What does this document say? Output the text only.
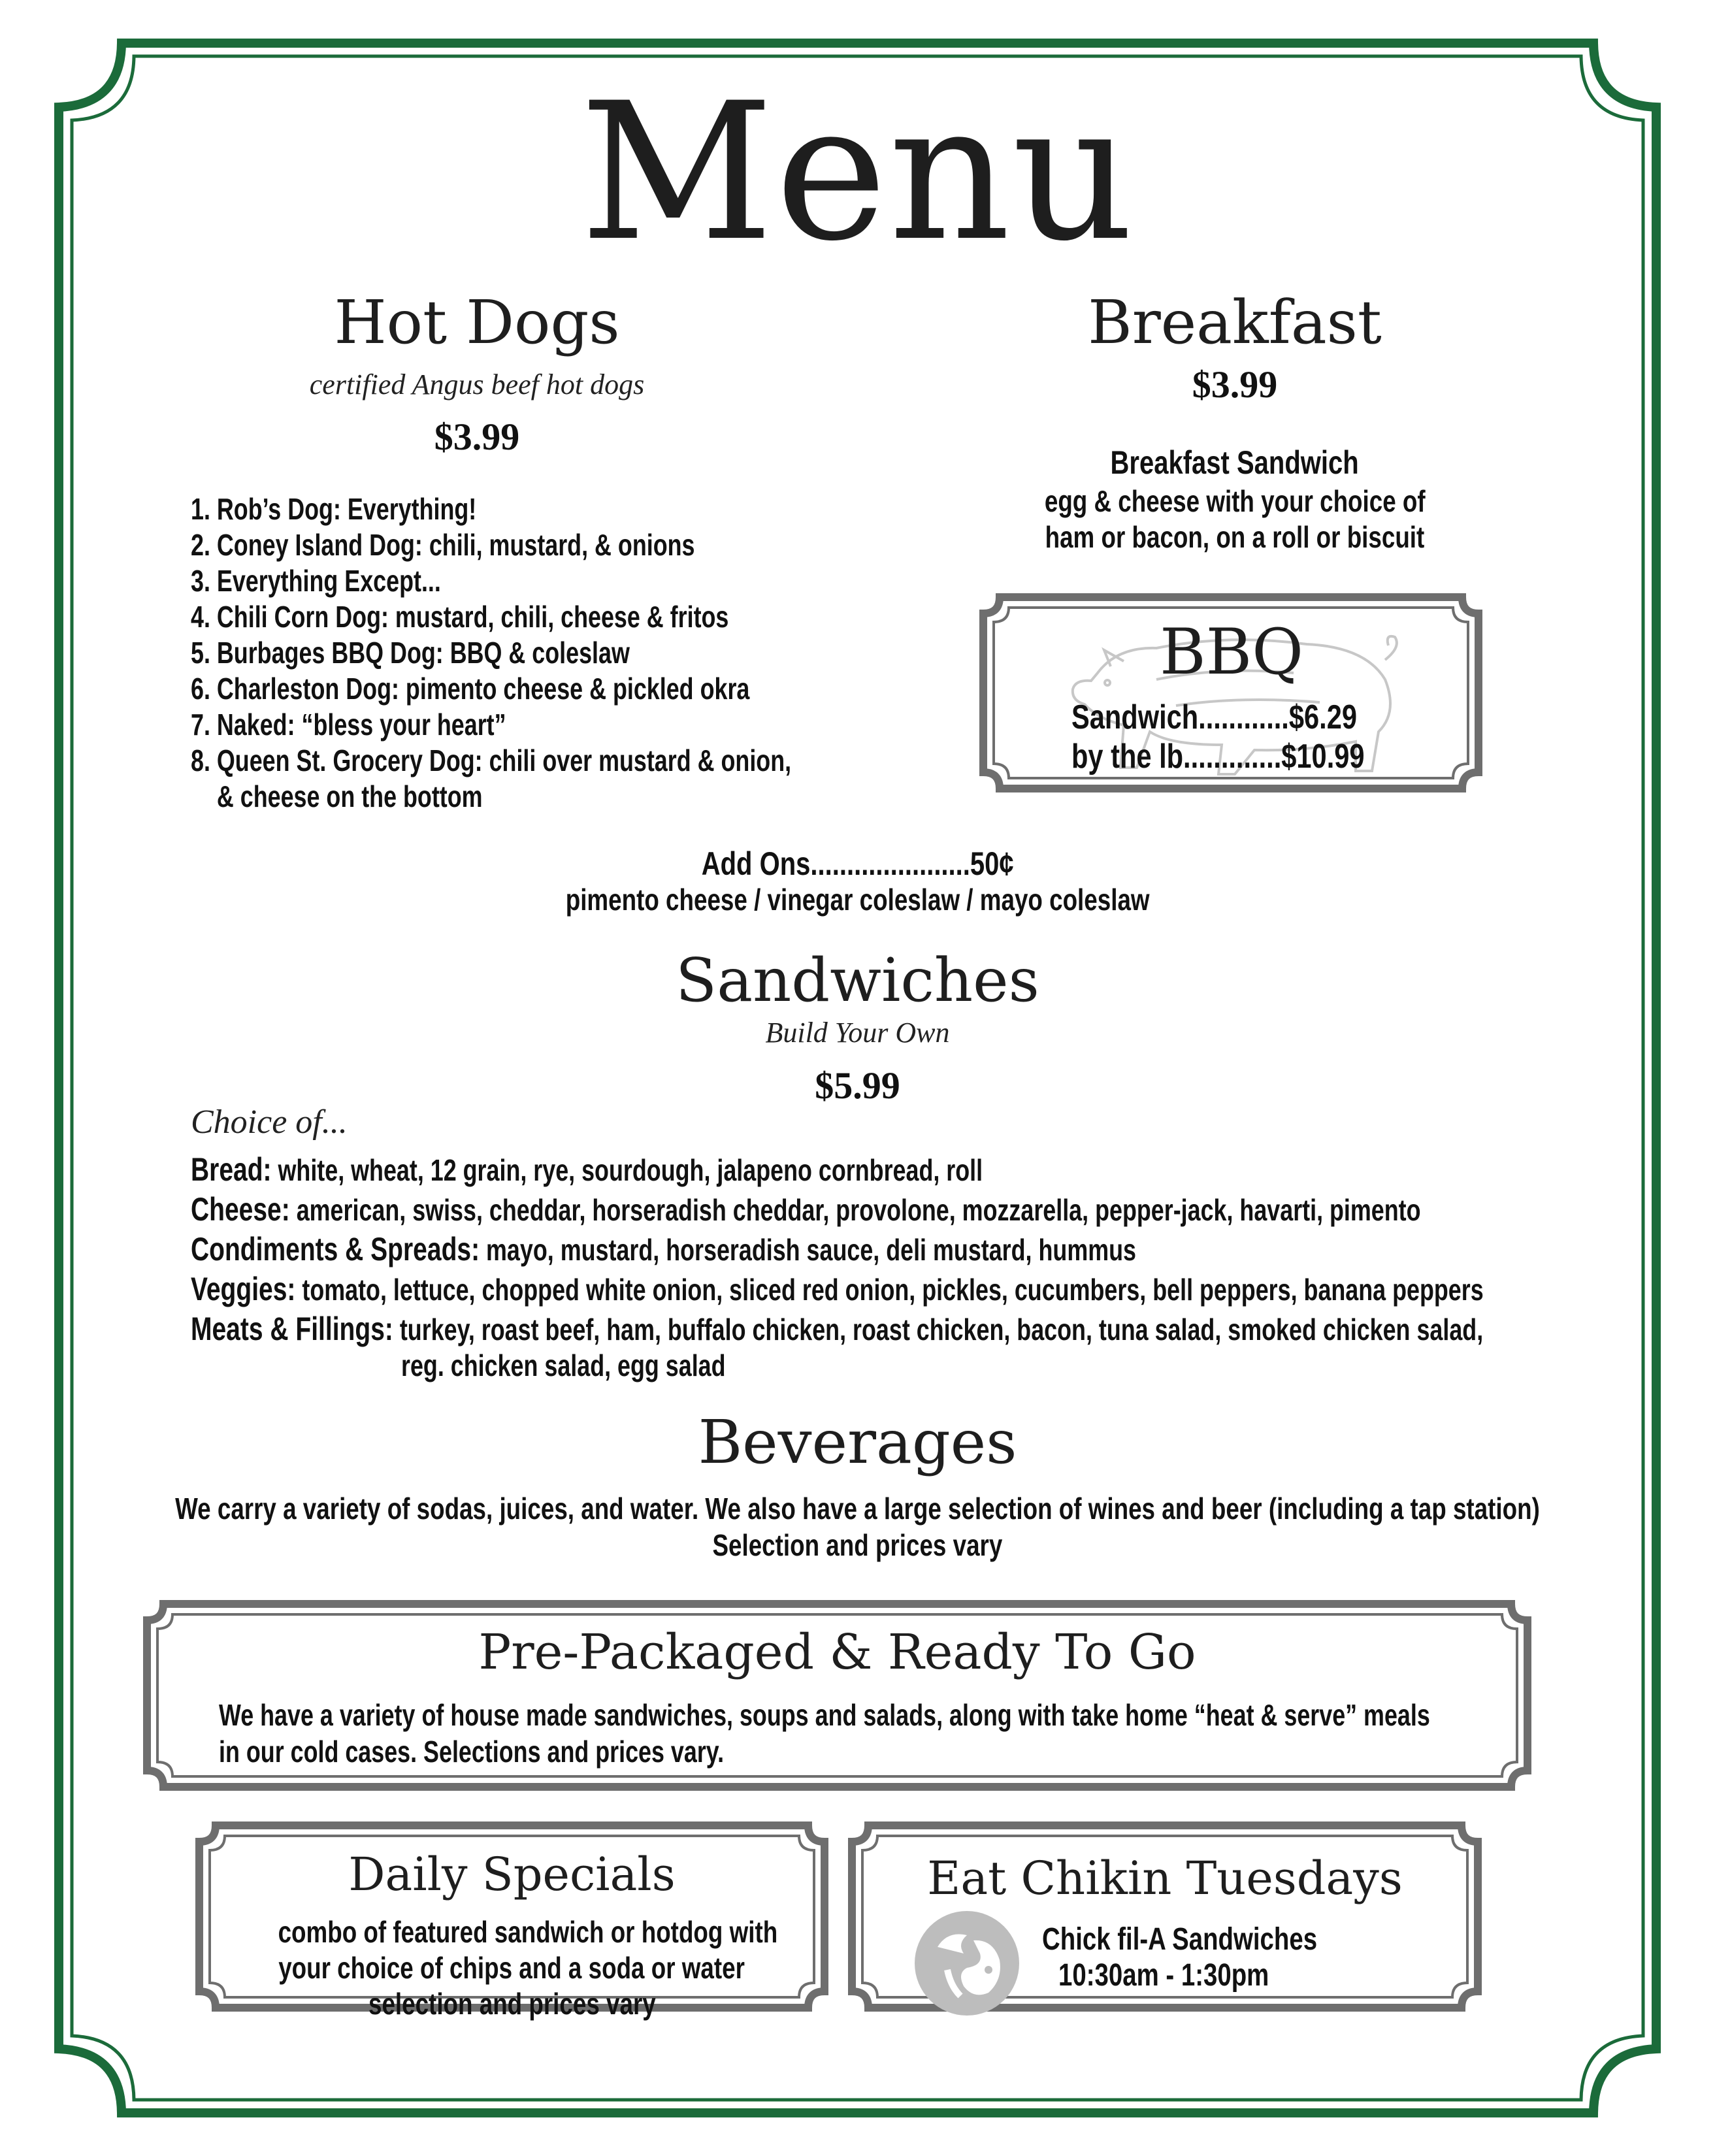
Menu
Hot Dogs
certified Angus beef hot dogs
$3.99
1. Rob’s Dog: Everything!
2. Coney Island Dog: chili, mustard, & onions
3. Everything Except...
4. Chili Corn Dog: mustard, chili, cheese & fritos
5. Burbages BBQ Dog: BBQ & coleslaw
6. Charleston Dog: pimento cheese & pickled okra
7. Naked: “bless your heart”
8. Queen St. Grocery Dog: chili over mustard & onion,
& cheese on the bottom
Breakfast
$3.99
Breakfast Sandwich
egg & cheese with your choice of
ham or bacon, on a roll or biscuit
BBQ
Sandwich............$6.29
by the lb.............$10.99
Add Ons......................50¢
pimento cheese / vinegar coleslaw / mayo coleslaw
Sandwiches
Build Your Own
$5.99
Choice of...
Bread: white, wheat, 12 grain, rye, sourdough, jalapeno cornbread, roll
Cheese: american, swiss, cheddar, horseradish cheddar, provolone, mozzarella, pepper-jack, havarti, pimento
Condiments & Spreads: mayo, mustard, horseradish sauce, deli mustard, hummus
Veggies: tomato, lettuce, chopped white onion, sliced red onion, pickles, cucumbers, bell peppers, banana peppers
Meats & Fillings: turkey, roast beef, ham, buffalo chicken, roast chicken, bacon, tuna salad, smoked chicken salad,
reg. chicken salad, egg salad
Beverages
We carry a variety of sodas, juices, and water. We also have a large selection of wines and beer (including a tap station)
Selection and prices vary
Pre-Packaged & Ready To Go
We have a variety of house made sandwiches, soups and salads, along with take home “heat & serve” meals
in our cold cases. Selections and prices vary.
Daily Specials
combo of featured sandwich or hotdog with
your choice of chips and a soda or water
selection and prices vary
Eat Chikin Tuesdays
Chick fil-A Sandwiches
10:30am - 1:30pm
